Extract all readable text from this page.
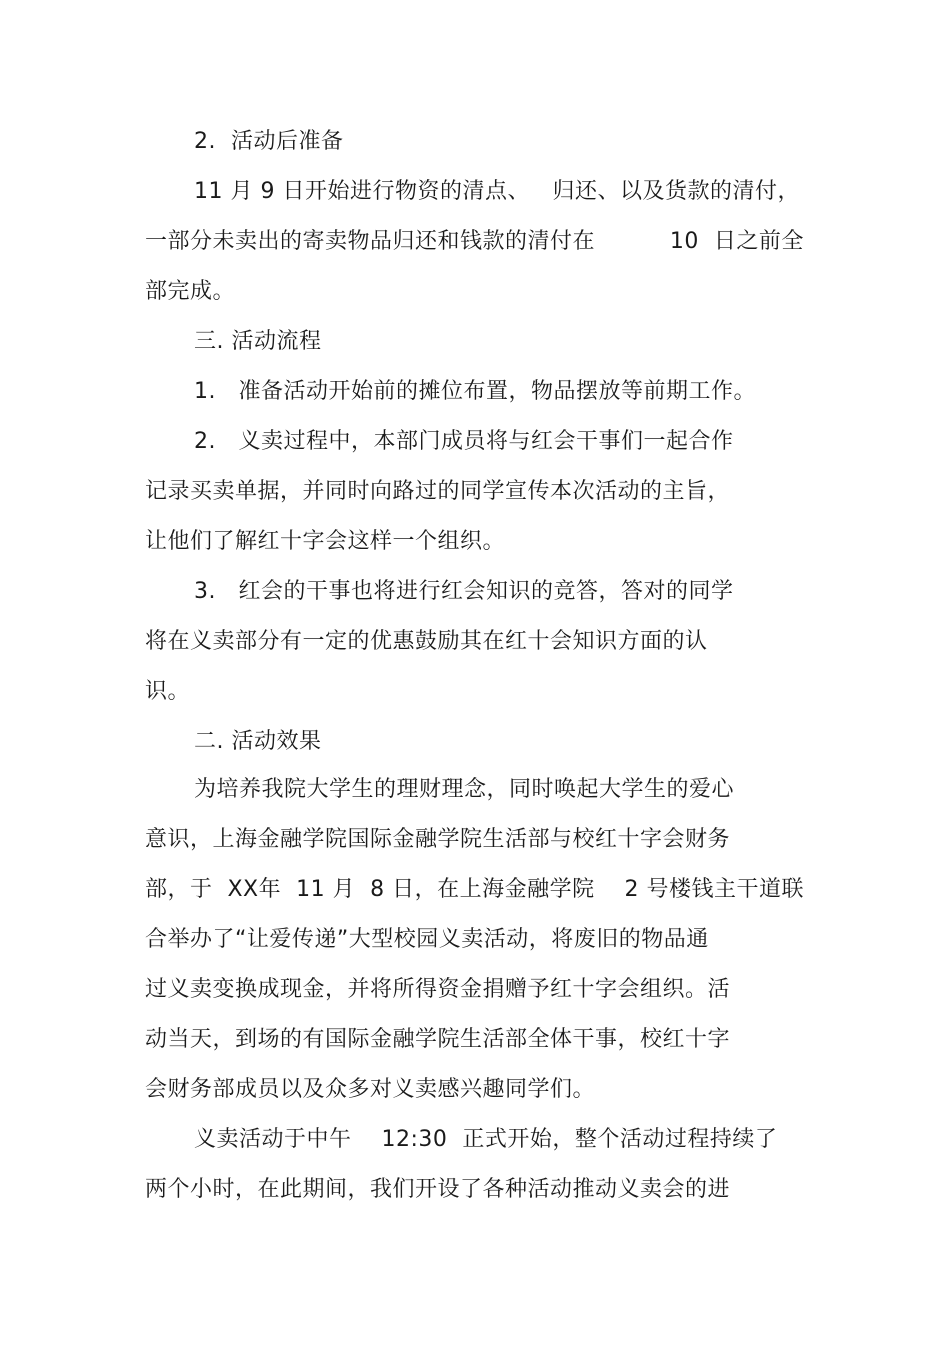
2.  活动后准备
11 月 9 日开始进行物资的清点、   归还、以及货款的清付，
一部分未卖出的寄卖物品归还和钱款的清付在          10  日之前全
部完成。
三. 活动流程
1.   准备活动开始前的摊位布置，物品摆放等前期工作。
2.   义卖过程中，本部门成员将与红会干事们一起合作
记录买卖单据，并同时向路过的同学宣传本次活动的主旨，
让他们了解红十字会这样一个组织。
3.   红会的干事也将进行红会知识的竞答，答对的同学
将在义卖部分有一定的优惠鼓励其在红十会知识方面的认
识。
二. 活动效果
为培养我院大学生的理财理念，同时唤起大学生的爱心
意识，上海金融学院国际金融学院生活部与校红十字会财务
部，于  XX年  11 月  8 日，在上海金融学院    2 号楼钱主干道联
合举办了“让爱传递”大型校园义卖活动，将废旧的物品通
过义卖变换成现金，并将所得资金捐赠予红十字会组织。活
动当天，到场的有国际金融学院生活部全体干事，校红十字
会财务部成员以及众多对义卖感兴趣同学们。
义卖活动于中午    12:30  正式开始，整个活动过程持续了
两个小时，在此期间，我们开设了各种活动推动义卖会的进
